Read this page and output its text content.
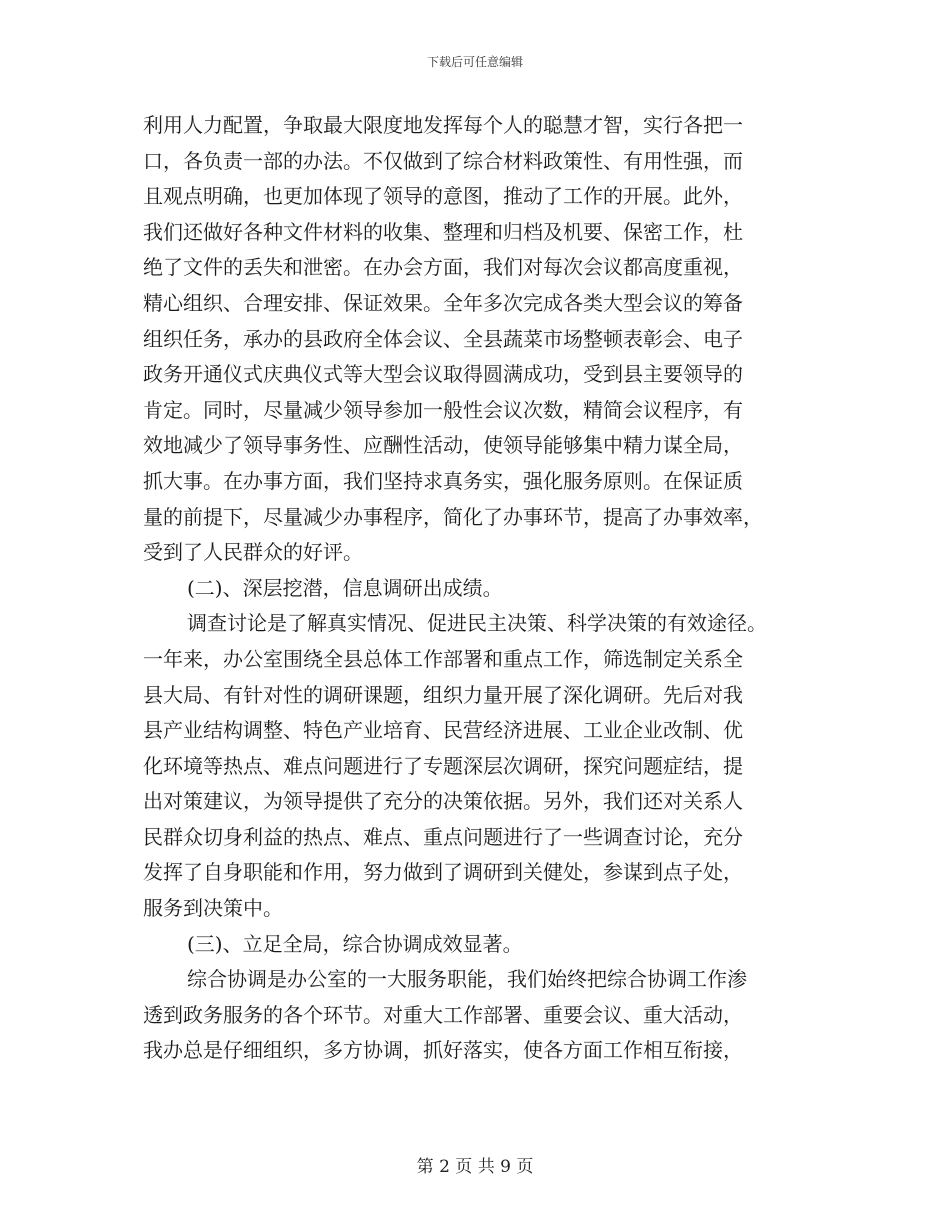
下载后可任意编辑
利用人力配置，争取最大限度地发挥每个人的聪慧才智，实行各把一
口，各负责一部的办法。不仅做到了综合材料政策性、有用性强，而
且观点明确，也更加体现了领导的意图，推动了工作的开展。此外，
我们还做好各种文件材料的收集、整理和归档及机要、保密工作，杜
绝了文件的丢失和泄密。在办会方面，我们对每次会议都高度重视，
精心组织、合理安排、保证效果。全年多次完成各类大型会议的筹备
组织任务，承办的县政府全体会议、全县蔬菜市场整顿表彰会、电子
政务开通仪式庆典仪式等大型会议取得圆满成功，受到县主要领导的
肯定。同时，尽量减少领导参加一般性会议次数，精简会议程序，有
效地减少了领导事务性、应酬性活动，使领导能够集中精力谋全局，
抓大事。在办事方面，我们坚持求真务实，强化服务原则。在保证质
量的前提下，尽量减少办事程序，简化了办事环节，提高了办事效率，
受到了人民群众的好评。
(二)、深层挖潜，信息调研出成绩。
调查讨论是了解真实情况、促进民主决策、科学决策的有效途径。
一年来，办公室围绕全县总体工作部署和重点工作，筛选制定关系全
县大局、有针对性的调研课题，组织力量开展了深化调研。先后对我
县产业结构调整、特色产业培育、民营经济进展、工业企业改制、优
化环境等热点、难点问题进行了专题深层次调研，探究问题症结，提
出对策建议，为领导提供了充分的决策依据。另外，我们还对关系人
民群众切身利益的热点、难点、重点问题进行了一些调查讨论，充分
发挥了自身职能和作用，努力做到了调研到关健处，参谋到点子处，
服务到决策中。
(三)、立足全局，综合协调成效显著。
综合协调是办公室的一大服务职能，我们始终把综合协调工作渗
透到政务服务的各个环节。对重大工作部署、重要会议、重大活动，
我办总是仔细组织，多方协调，抓好落实，使各方面工作相互衔接，
第 2 页 共 9 页
